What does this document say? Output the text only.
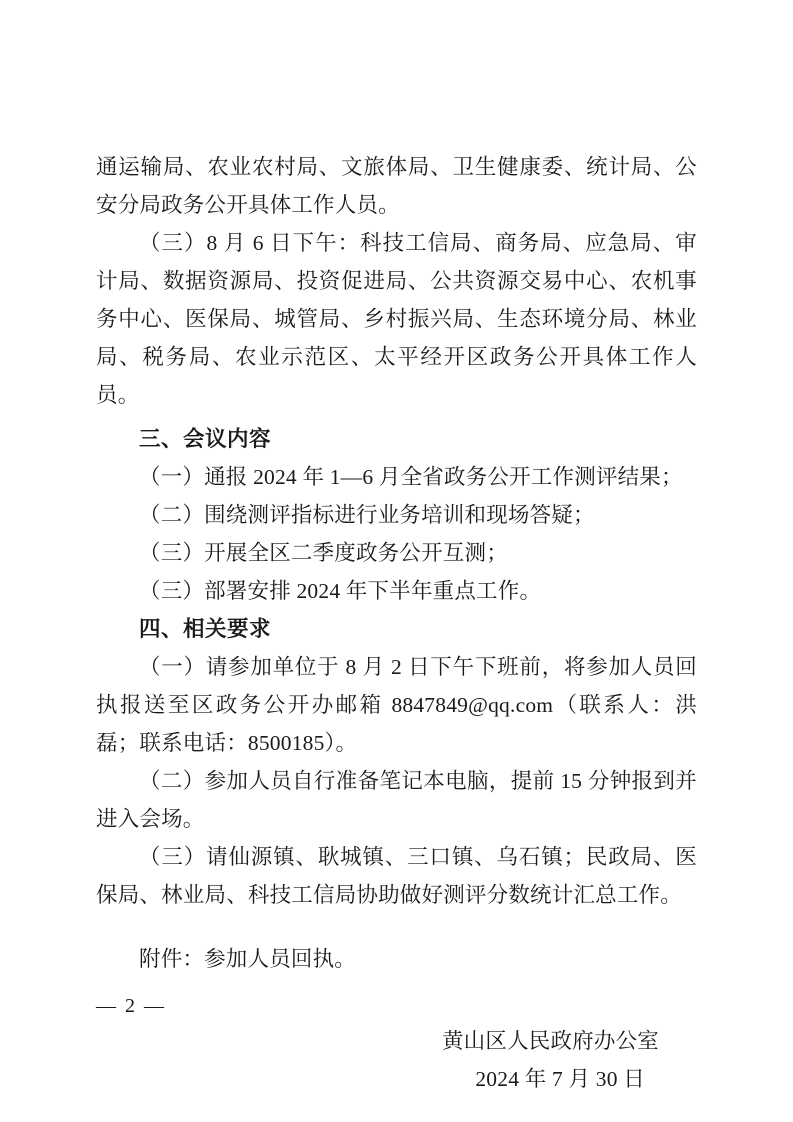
通运输局、农业农村局、文旅体局、卫生健康委、统计局、公安分局政务公开具体工作人员。

（三）8 月 6 日下午：科技工信局、商务局、应急局、审计局、数据资源局、投资促进局、公共资源交易中心、农机事务中心、医保局、城管局、乡村振兴局、生态环境分局、林业局、税务局、农业示范区、太平经开区政务公开具体工作人员。

三、会议内容

（一）通报 2024 年 1—6 月全省政务公开工作测评结果；

（二）围绕测评指标进行业务培训和现场答疑；

（三）开展全区二季度政务公开互测；

（三）部署安排 2024 年下半年重点工作。

四、相关要求

（一）请参加单位于 8 月 2 日下午下班前，将参加人员回执报送至区政务公开办邮箱 8847849@qq.com（联系人：洪磊；联系电话：8500185）。

（二）参加人员自行准备笔记本电脑，提前 15 分钟报到并进入会场。

（三）请仙源镇、耿城镇、三口镇、乌石镇；民政局、医保局、林业局、科技工信局协助做好测评分数统计汇总工作。

附件：参加人员回执。

黄山区人民政府办公室
2024 年 7 月 30 日
— 2 —
